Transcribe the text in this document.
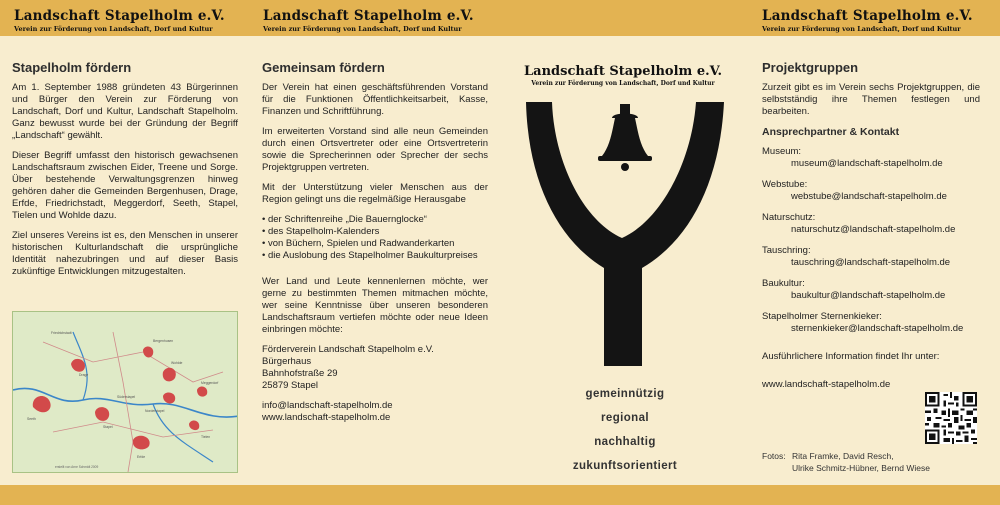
Landschaft Stapelholm e.V.
Verein zur Förderung von Landschaft, Dorf und Kultur
Landschaft Stapelholm e.V.
Verein zur Förderung von Landschaft, Dorf und Kultur
Landschaft Stapelholm e.V.
Verein zur Förderung von Landschaft, Dorf und Kultur
Stapelholm fördern

Am 1. September 1988 gründeten 43 Bürgerinnen und Bürger den Verein zur Förderung von Landschaft, Dorf und Kultur, Landschaft Stapelholm. Ganz bewusst wurde bei der Gründung der Begriff „Landschaft“ gewählt.

Dieser Begriff umfasst den historisch gewachsenen Landschaftsraum zwischen Eider, Treene und Sorge. Über bestehende Verwaltungsgrenzen hinweg gehören daher die Gemeinden Bergenhusen, Drage, Erfde, Friedrichstadt, Meggerdorf, Seeth, Stapel, Tielen und Wohlde dazu.

Ziel unseres Vereins ist es, den Menschen in unserer historischen Kulturlandschaft die ursprüngliche Identität nahezubringen und auf dieser Basis zukünftige Entwicklungen mitzugestalten.

Friedrichstadt
Seeth
Drage
Stapel
Süderstapel
Erfde
Bergenhusen
Wohlde
Meggerdorf
Tielen
Norderstapel
erstellt von Arne Schmidt 2009
Gemeinsam fördern

Der Verein hat einen geschäftsführenden Vorstand für die Funktionen Öffentlichkeitsarbeit, Kasse, Finanzen und Schriftführung.

Im erweiterten Vorstand sind alle neun Gemeinden durch einen Ortsvertreter oder eine Ortsvertreterin sowie die Sprecherinnen oder Sprecher der sechs Projektgruppen vertreten.

Mit der Unterstützung vieler Menschen aus der Region gelingt uns die regelmäßige Herausgabe

• der Schriftenreihe „Die Bauernglocke“
• des Stapelholm-Kalenders
• von Büchern, Spielen und Radwanderkarten
• die Auslobung des Stapelholmer Baukulturpreises

Wer Land und Leute kennenlernen möchte, wer gerne zu bestimmten Themen mitmachen möchte, wer seine Kenntnisse über unseren besonderen Landschaftsraum vertiefen möchte oder neue Ideen einbringen möchte:

Förderverein Landschaft Stapelholm e.V.
Bürgerhaus
Bahnhofstraße 29
25879 Stapel

info@landschaft-stapelholm.de
www.landschaft-stapelholm.de

Landschaft Stapelholm e.V.
Verein zur Förderung von Landschaft, Dorf und Kultur
gemeinnützig
regional
nachhaltig
zukunftsorientiert
Projektgruppen

Zurzeit gibt es im Verein sechs Projektgruppen, die selbstständig ihre Themen festlegen und bearbeiten.

Ansprechpartner & Kontakt
Museum:
museum@landschaft-stapelholm.de
Webstube:
webstube@landschaft-stapelholm.de
Naturschutz:
naturschutz@landschaft-stapelholm.de
Tauschring:
tauschring@landschaft-stapelholm.de
Baukultur:
baukultur@landschaft-stapelholm.de
Stapelholmer Sternenkieker:
sternenkieker@landschaft-stapelholm.de

Ausführlichere Information findet Ihr unter:

www.landschaft-stapelholm.de

Fotos: Rita Framke, David Resch,
Ulrike Schmitz-Hübner, Bernd Wiese
